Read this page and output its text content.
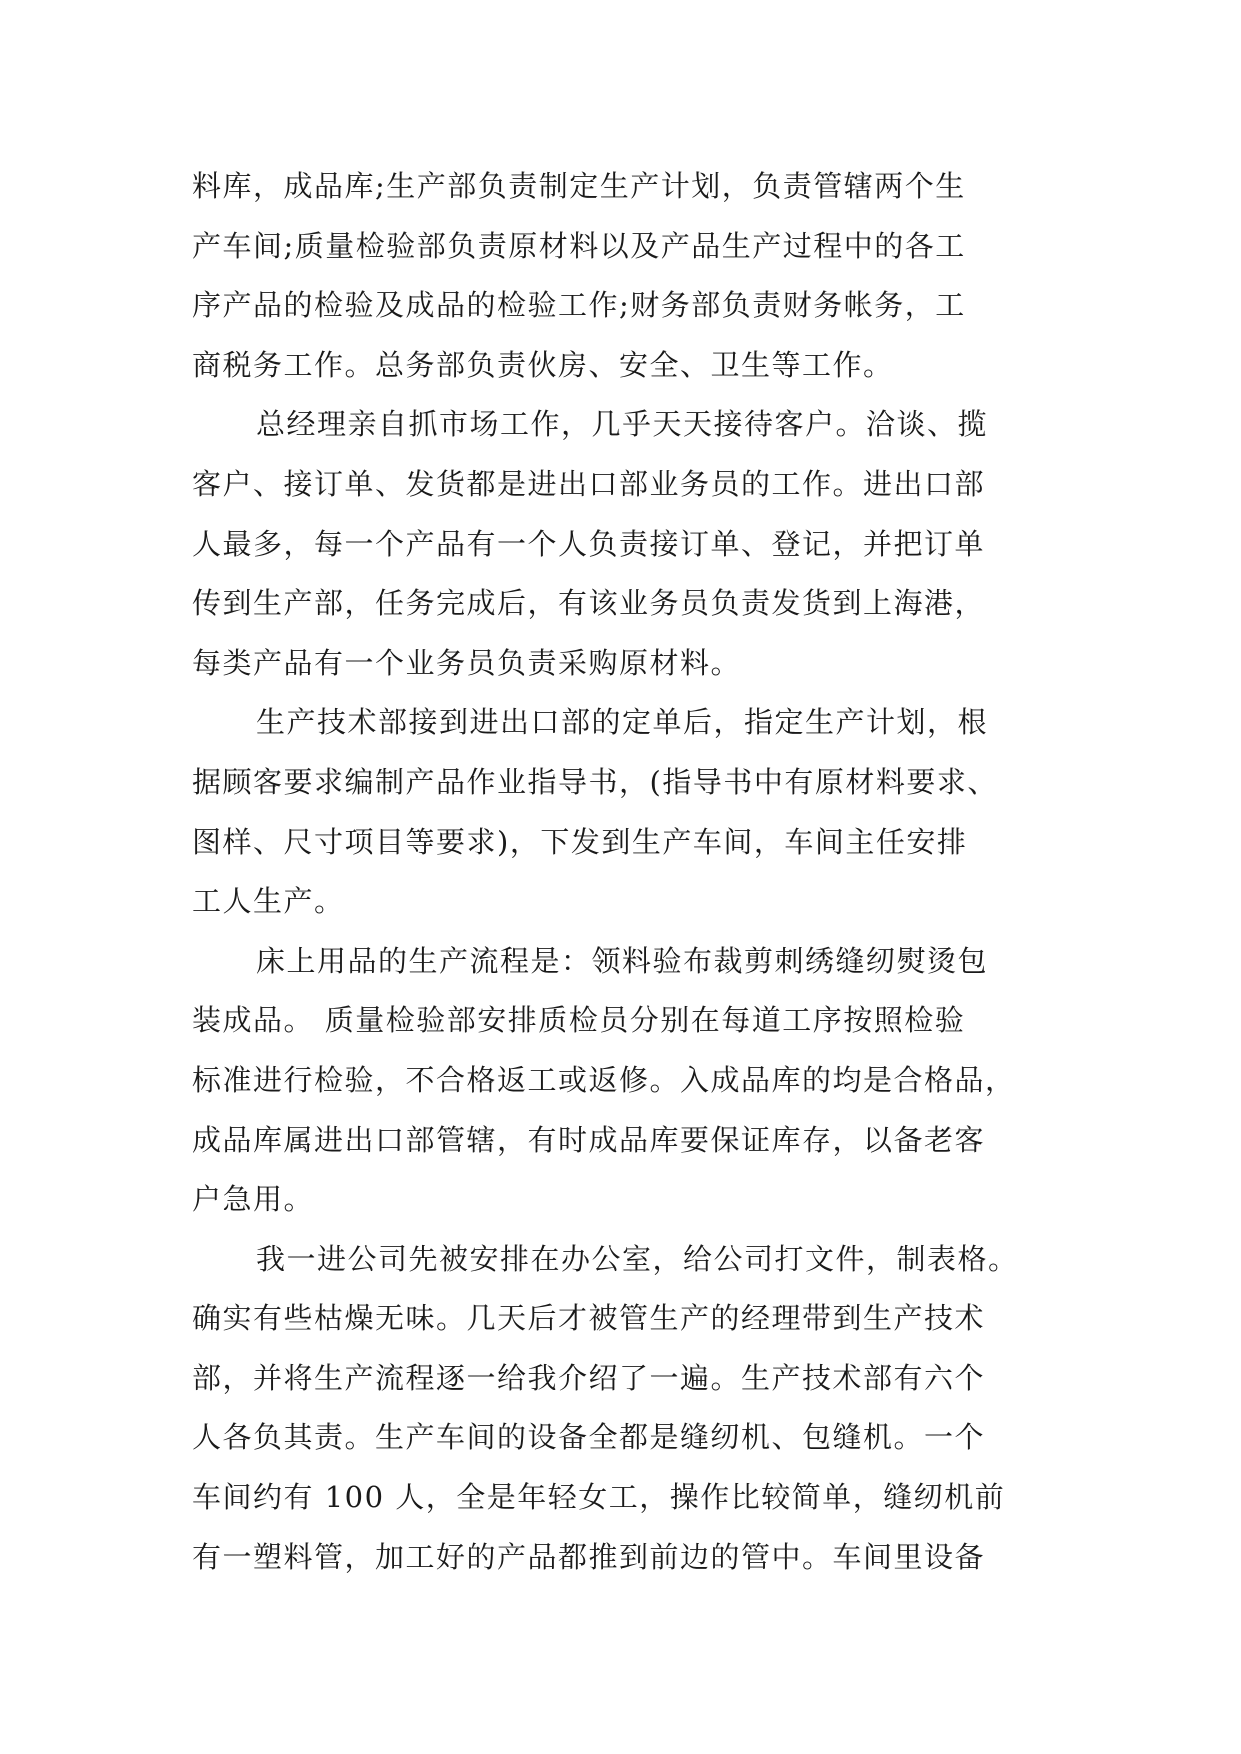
料库，成品库;生产部负责制定生产计划，负责管辖两个生
产车间;质量检验部负责原材料以及产品生产过程中的各工
序产品的检验及成品的检验工作;财务部负责财务帐务，工
商税务工作。总务部负责伙房、安全、卫生等工作。
总经理亲自抓市场工作，几乎天天接待客户。洽谈、揽
客户、接订单、发货都是进出口部业务员的工作。进出口部
人最多，每一个产品有一个人负责接订单、登记，并把订单
传到生产部，任务完成后，有该业务员负责发货到上海港，
每类产品有一个业务员负责采购原材料。
生产技术部接到进出口部的定单后，指定生产计划，根
据顾客要求编制产品作业指导书，(指导书中有原材料要求、
图样、尺寸项目等要求)，下发到生产车间，车间主任安排
工人生产。
床上用品的生产流程是：领料验布裁剪刺绣缝纫熨烫包
装成品。 质量检验部安排质检员分别在每道工序按照检验
标准进行检验，不合格返工或返修。入成品库的均是合格品，
成品库属进出口部管辖，有时成品库要保证库存，以备老客
户急用。
我一进公司先被安排在办公室，给公司打文件，制表格。
确实有些枯燥无味。几天后才被管生产的经理带到生产技术
部，并将生产流程逐一给我介绍了一遍。生产技术部有六个
人各负其责。生产车间的设备全都是缝纫机、包缝机。一个
车间约有 100 人，全是年轻女工，操作比较简单，缝纫机前
有一塑料管，加工好的产品都推到前边的管中。车间里设备
